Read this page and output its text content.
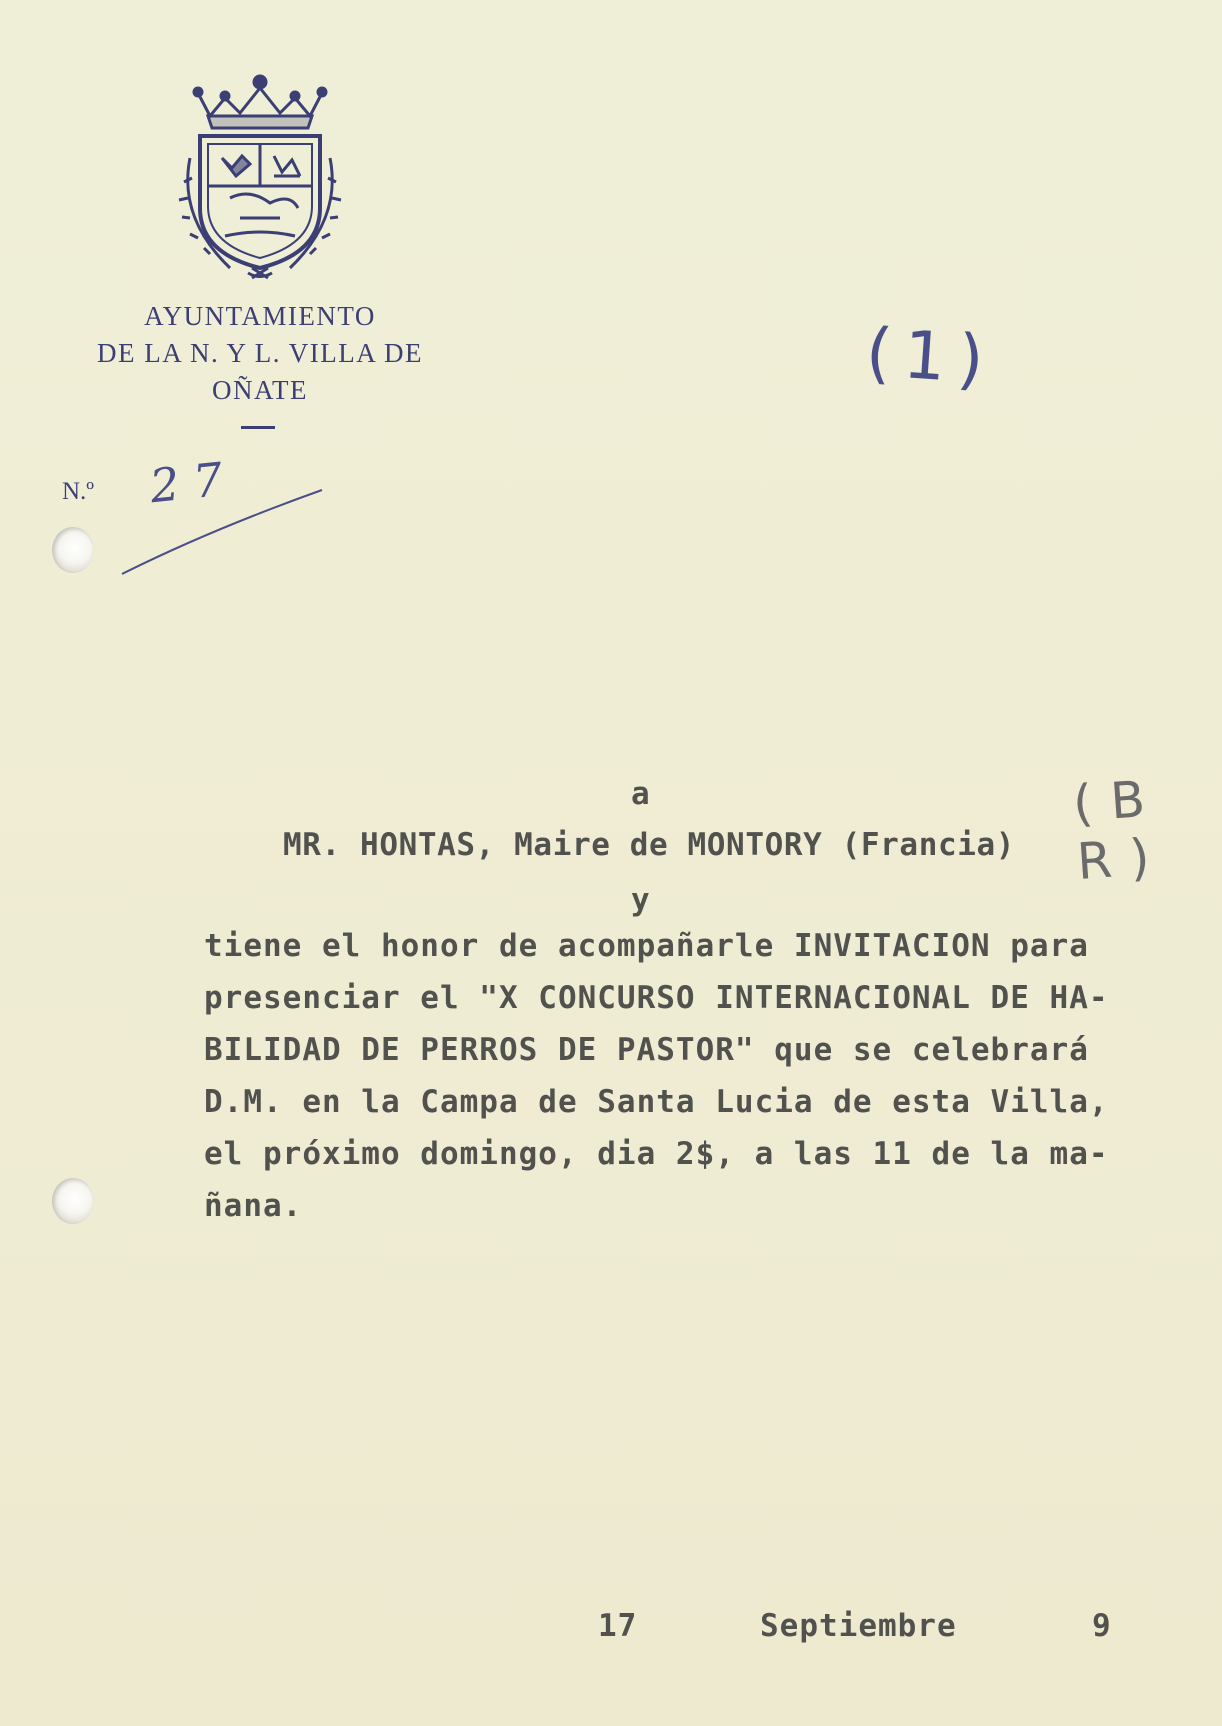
AYUNTAMIENTO
DE LA N. Y L. VILLA DE
OÑATE
N.º 27
(1)
(B R)
a
MR. HONTAS, Maire de MONTORY (Francia)
y
tiene el honor de acompañarle INVITACION para
presenciar el "X CONCURSO INTERNACIONAL DE HA-
BILIDAD DE PERROS DE PASTOR" que se celebrará
D.M. en la Campa de Santa Lucia de esta Villa,
el próximo domingo, dia 2$, a las 11 de la ma-
ñana.
17	Septiembre	9
